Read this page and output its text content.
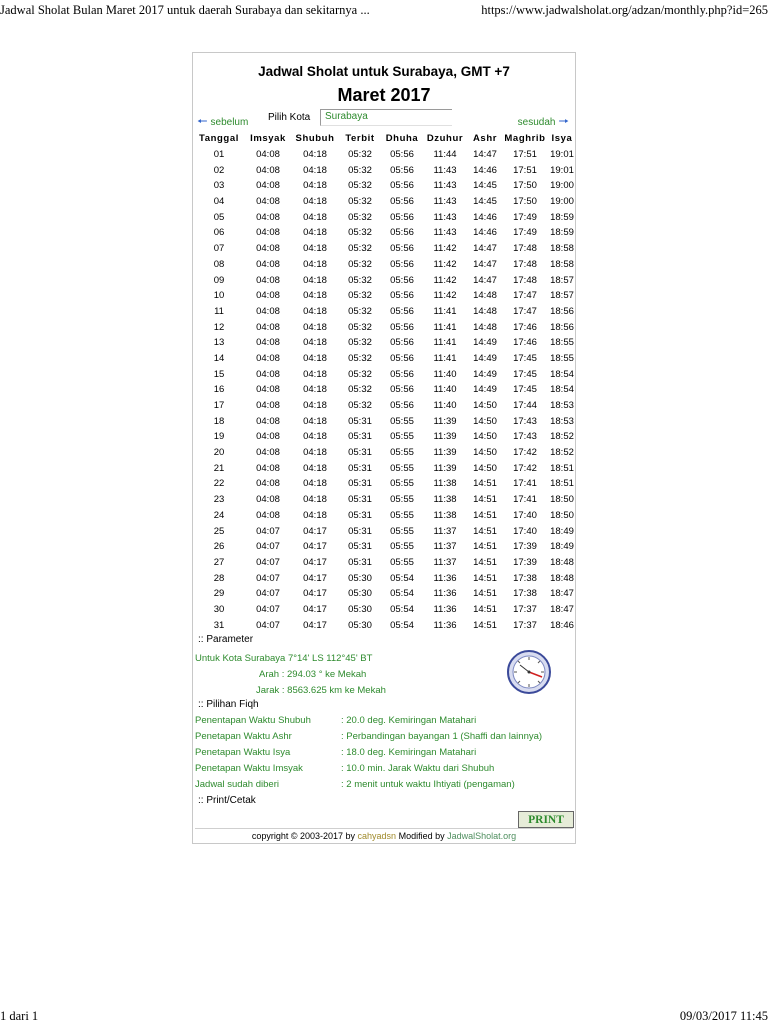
Jadwal Sholat Bulan Maret 2017 untuk daerah Surabaya dan sekitarnya ...	https://www.jadwalsholat.org/adzan/monthly.php?id=265
Jadwal Sholat untuk Surabaya, GMT +7
Maret 2017
🠔 sebelum Pilih Kota	Surabaya
sesudah 🠖
Tanggal	Imsyak	Shubuh	Terbit	Dhuha	Dzuhur	Ashr	Maghrib	Isya
01	04:08	04:18	05:32	05:56	11:44	14:47	17:51	19:01
02	04:08	04:18	05:32	05:56	11:43	14:46	17:51	19:01
03	04:08	04:18	05:32	05:56	11:43	14:45	17:50	19:00
04	04:08	04:18	05:32	05:56	11:43	14:45	17:50	19:00
05	04:08	04:18	05:32	05:56	11:43	14:46	17:49	18:59
06	04:08	04:18	05:32	05:56	11:43	14:46	17:49	18:59
07	04:08	04:18	05:32	05:56	11:42	14:47	17:48	18:58
08	04:08	04:18	05:32	05:56	11:42	14:47	17:48	18:58
09	04:08	04:18	05:32	05:56	11:42	14:47	17:48	18:57
10	04:08	04:18	05:32	05:56	11:42	14:48	17:47	18:57
11	04:08	04:18	05:32	05:56	11:41	14:48	17:47	18:56
12	04:08	04:18	05:32	05:56	11:41	14:48	17:46	18:56
13	04:08	04:18	05:32	05:56	11:41	14:49	17:46	18:55
14	04:08	04:18	05:32	05:56	11:41	14:49	17:45	18:55
15	04:08	04:18	05:32	05:56	11:40	14:49	17:45	18:54
16	04:08	04:18	05:32	05:56	11:40	14:49	17:45	18:54
17	04:08	04:18	05:32	05:56	11:40	14:50	17:44	18:53
18	04:08	04:18	05:31	05:55	11:39	14:50	17:43	18:53
19	04:08	04:18	05:31	05:55	11:39	14:50	17:43	18:52
20	04:08	04:18	05:31	05:55	11:39	14:50	17:42	18:52
21	04:08	04:18	05:31	05:55	11:39	14:50	17:42	18:51
22	04:08	04:18	05:31	05:55	11:38	14:51	17:41	18:51
23	04:08	04:18	05:31	05:55	11:38	14:51	17:41	18:50
24	04:08	04:18	05:31	05:55	11:38	14:51	17:40	18:50
25	04:07	04:17	05:31	05:55	11:37	14:51	17:40	18:49
26	04:07	04:17	05:31	05:55	11:37	14:51	17:39	18:49
27	04:07	04:17	05:31	05:55	11:37	14:51	17:39	18:48
28	04:07	04:17	05:30	05:54	11:36	14:51	17:38	18:48
29	04:07	04:17	05:30	05:54	11:36	14:51	17:38	18:47
30	04:07	04:17	05:30	05:54	11:36	14:51	17:37	18:47
31	04:07	04:17	05:30	05:54	11:36	14:51	17:37	18:46
:: Parameter
Untuk Kota Surabaya 7°14' LS 112°45' BT
Arah : 294.03 ° ke Mekah
Jarak : 8563.625 km ke Mekah
:: Pilihan Fiqh
Penentapan Waktu Shubuh	: 20.0 deg. Kemiringan Matahari
Penetapan Waktu Ashr	: Perbandingan bayangan 1 (Shaffi dan lainnya)
Penetapan Waktu Isya	: 18.0 deg. Kemiringan Matahari
Penetapan Waktu Imsyak	: 10.0 min. Jarak Waktu dari Shubuh
Jadwal sudah diberi	: 2 menit untuk waktu Ihtiyati (pengaman)
:: Print/Cetak
PRINT
copyright © 2003-2017 by cahyadsn Modified by JadwalSholat.org
1 dari 1	09/03/2017 11:45
